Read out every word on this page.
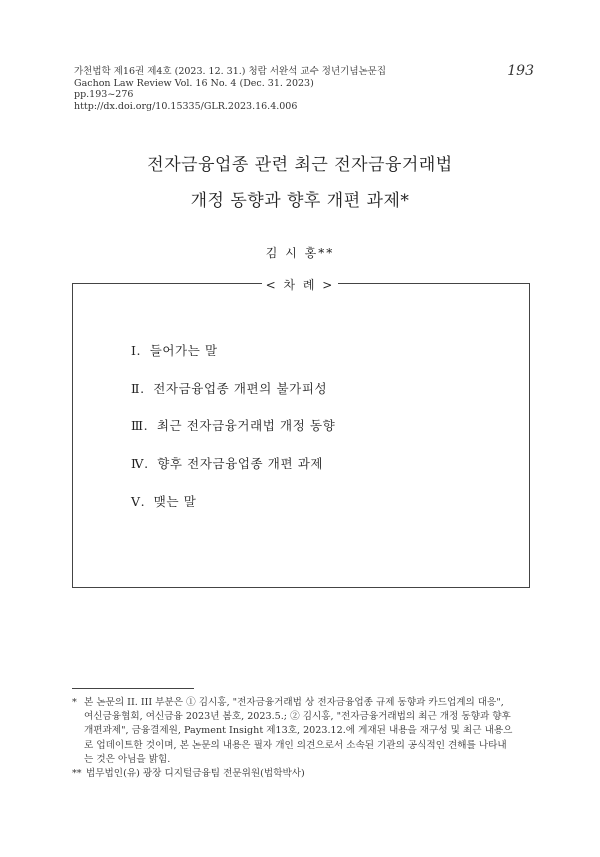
가천법학 제16권 제4호 (2023. 12. 31.) 청람 서완석 교수 정년기념논문집
Gachon Law Review Vol. 16 No. 4 (Dec. 31. 2023)
pp.193~276
http://dx.doi.org/10.15335/GLR.2023.16.4.006
193
전자금융업종 관련 최근 전자금융거래법
개정 동향과 향후 개편 과제*
김 시 홍**
< 차 례 >
Ⅰ. 들어가는 말
Ⅱ. 전자금융업종 개편의 불가피성
Ⅲ. 최근 전자금융거래법 개정 동향
Ⅳ. 향후 전자금융업종 개편 과제
Ⅴ. 맺는 말
* 본 논문의 II. III 부분은 ① 김시홍, "전자금융거래법 상 전자금융업종 규제 동향과 카드업계의 대응",
여신금융협회, 여신금융 2023년 봄호, 2023.5.; ② 김시홍, "전자금융거래법의 최근 개정 동향과 향후
개편과제", 금융결제원, Payment Insight 제13호, 2023.12.에 게재된 내용을 재구성 및 최근 내용으
로 업데이트한 것이며, 본 논문의 내용은 필자 개인 의견으로서 소속된 기관의 공식적인 견해를 나타내
는 것은 아님을 밝힘.
** 법무법인(유) 광장 디지털금융팀 전문위원(법학박사)
